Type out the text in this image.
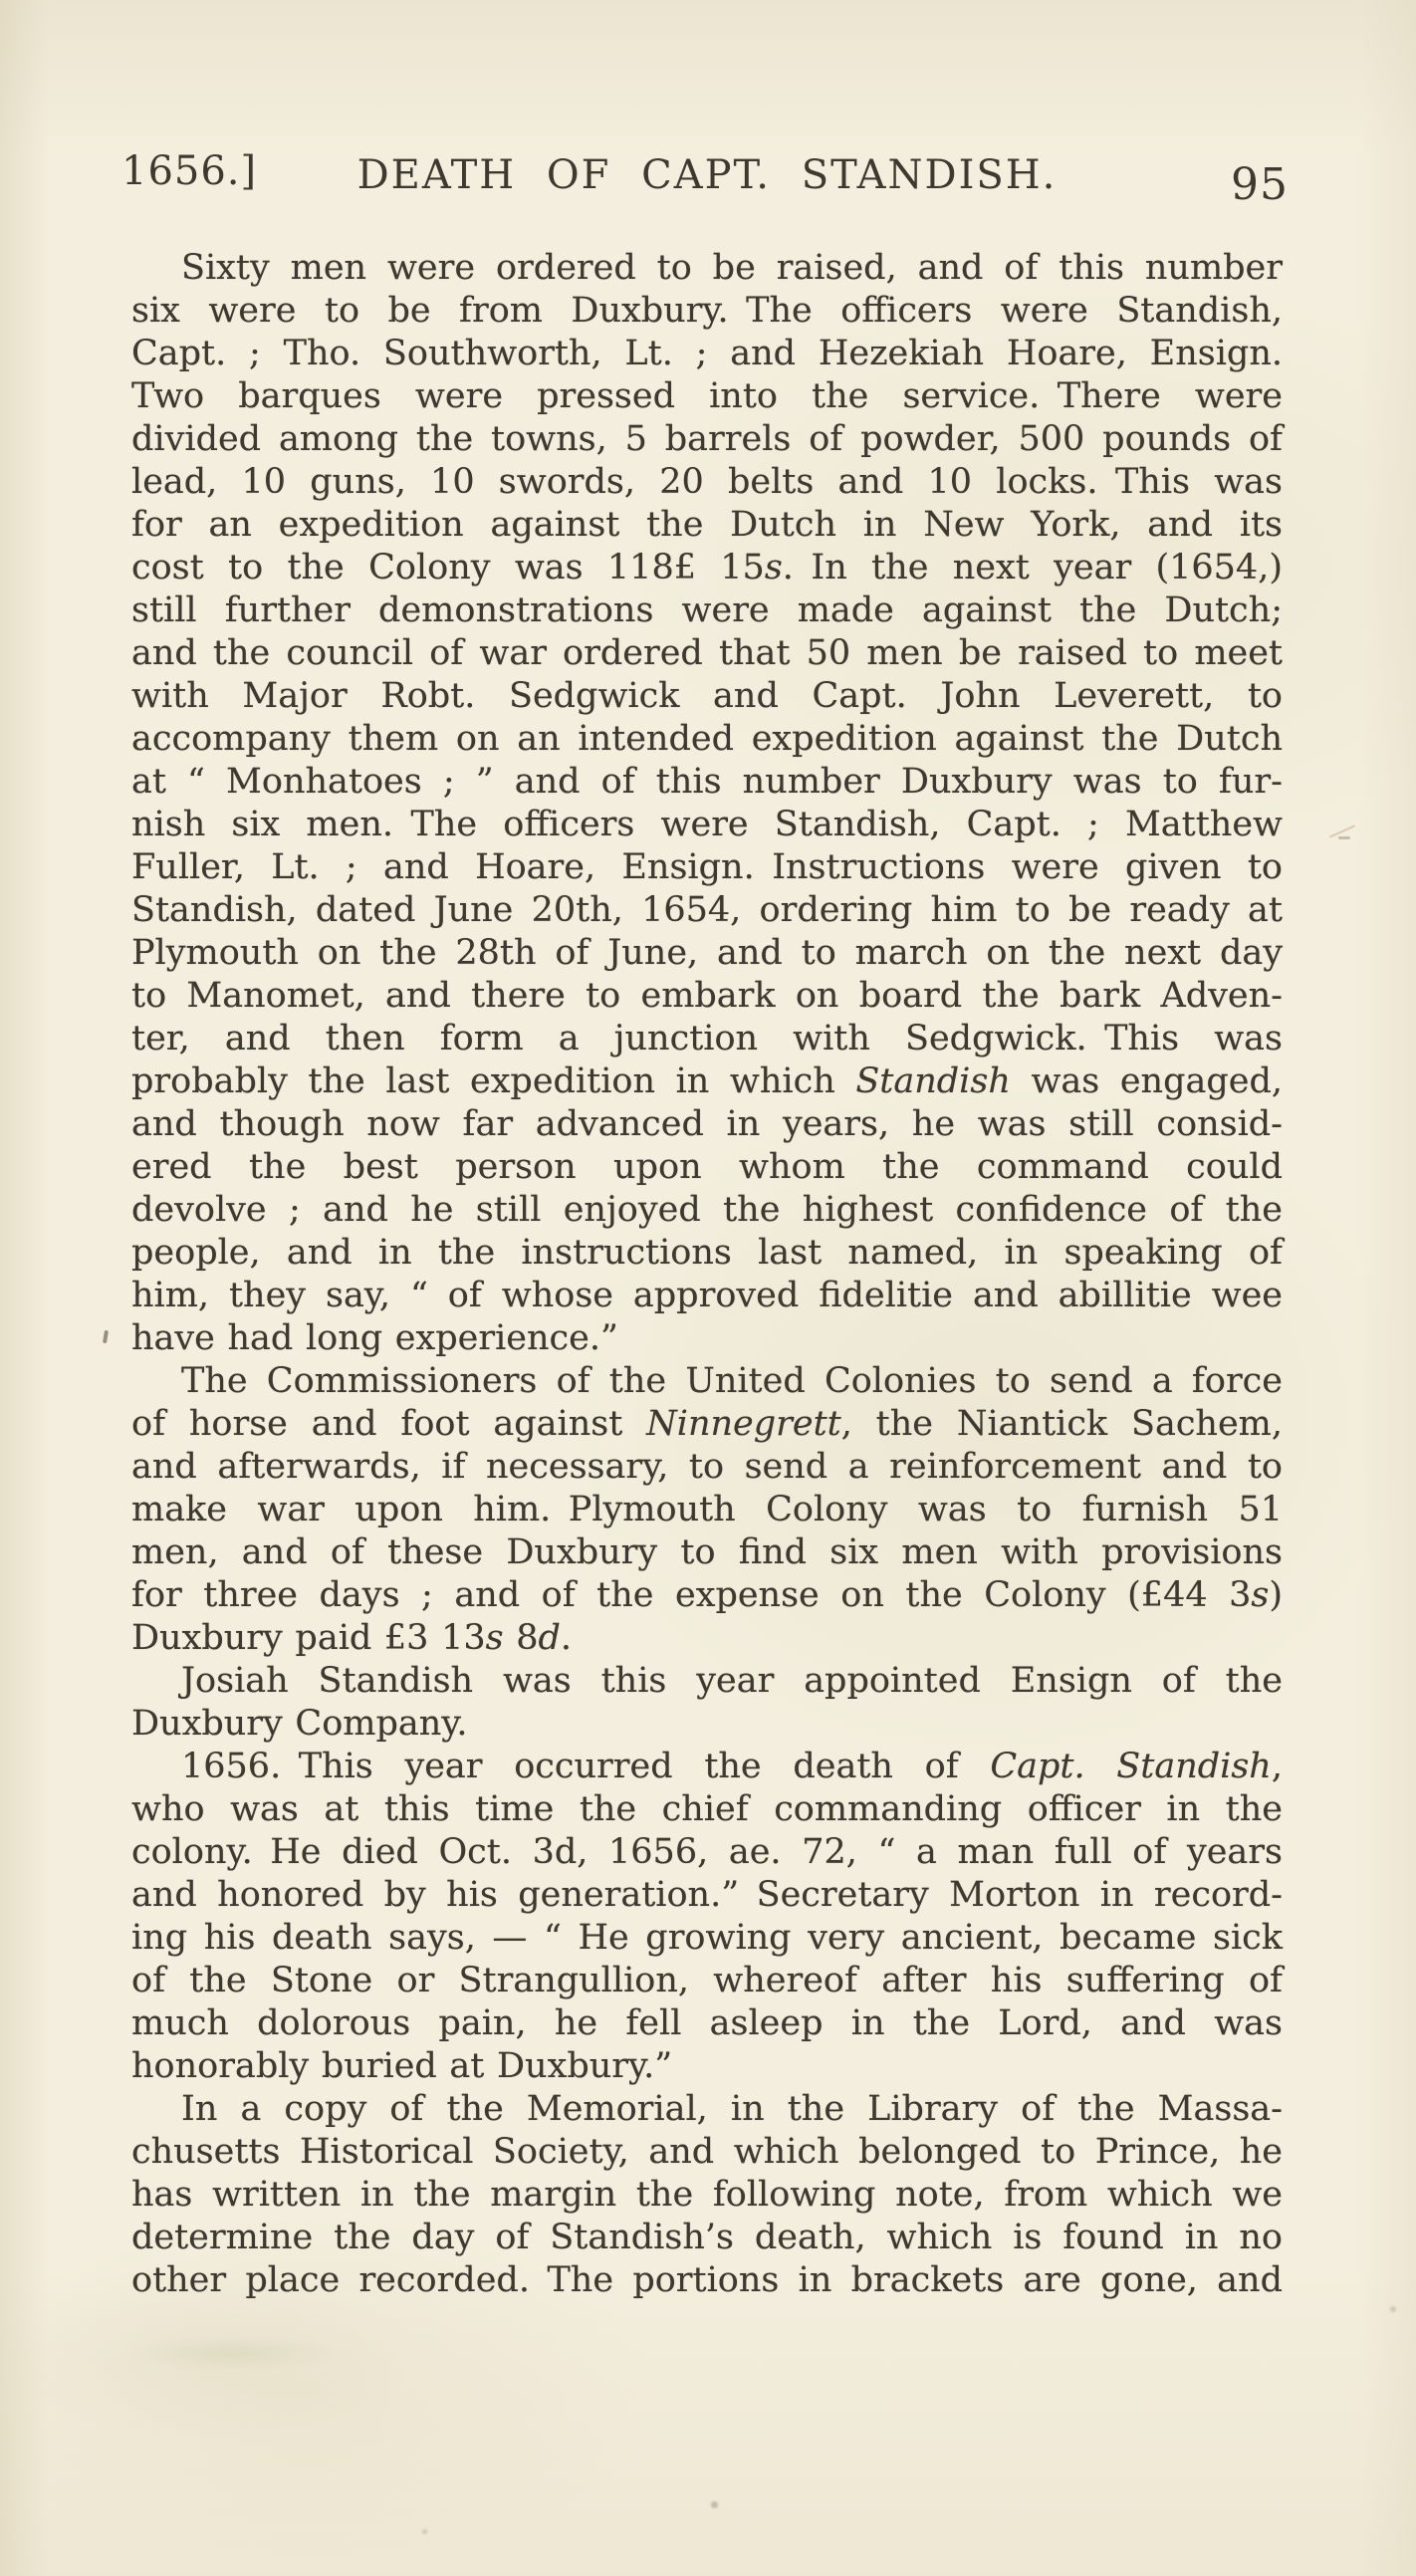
1656.]	DEATH OF CAPT. STANDISH.	95
Sixty men were ordered to be raised, and of this number
six were to be from Duxbury. The officers were Standish,
Capt. ; Tho. Southworth, Lt. ; and Hezekiah Hoare, Ensign.
Two barques were pressed into the service. There were
divided among the towns, 5 barrels of powder, 500 pounds of
lead, 10 guns, 10 swords, 20 belts and 10 locks. This was
for an expedition against the Dutch in New York, and its
cost to the Colony was 118£ 15s. In the next year (1654,)
still further demonstrations were made against the Dutch;
and the council of war ordered that 50 men be raised to meet
with Major Robt. Sedgwick and Capt. John Leverett, to
accompany them on an intended expedition against the Dutch
at “ Monhatoes ; ” and of this number Duxbury was to fur-
nish six men. The officers were Standish, Capt. ; Matthew
Fuller, Lt. ; and Hoare, Ensign. Instructions were given to
Standish, dated June 20th, 1654, ordering him to be ready at
Plymouth on the 28th of June, and to march on the next day
to Manomet, and there to embark on board the bark Adven-
ter, and then form a junction with Sedgwick. This was
probably the last expedition in which Standish was engaged,
and though now far advanced in years, he was still consid-
ered the best person upon whom the command could
devolve ; and he still enjoyed the highest confidence of the
people, and in the instructions last named, in speaking of
him, they say, “ of whose approved fidelitie and abillitie wee
have had long experience.”
The Commissioners of the United Colonies to send a force
of horse and foot against Ninnegrett, the Niantick Sachem,
and afterwards, if necessary, to send a reinforcement and to
make war upon him. Plymouth Colony was to furnish 51
men, and of these Duxbury to find six men with provisions
for three days ; and of the expense on the Colony (£44 3s)
Duxbury paid £3 13s 8d.
Josiah Standish was this year appointed Ensign of the
Duxbury Company.
1656. This year occurred the death of Capt. Standish,
who was at this time the chief commanding officer in the
colony. He died Oct. 3d, 1656, ae. 72, “ a man full of years
and honored by his generation.” Secretary Morton in record-
ing his death says, — “ He growing very ancient, became sick
of the Stone or Strangullion, whereof after his suffering of
much dolorous pain, he fell asleep in the Lord, and was
honorably buried at Duxbury.”
In a copy of the Memorial, in the Library of the Massa-
chusetts Historical Society, and which belonged to Prince, he
has written in the margin the following note, from which we
determine the day of Standish’s death, which is found in no
other place recorded. The portions in brackets are gone, and
